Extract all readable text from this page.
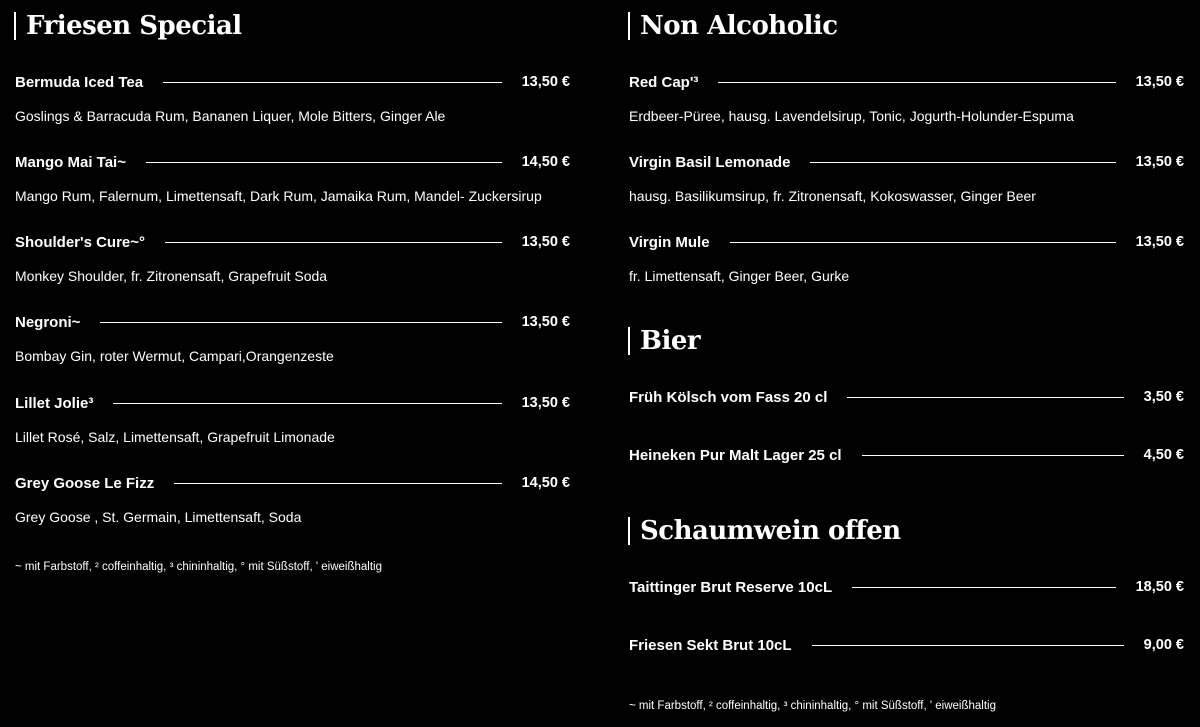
Friesen Special
Bermuda Iced Tea	13,50 €
Goslings & Barracuda Rum, Bananen Liquer, Mole Bitters, Ginger Ale
Mango Mai Tai~	14,50 €
Mango Rum, Falernum, Limettensaft, Dark Rum, Jamaika Rum, Mandel- Zuckersirup
Shoulder's Cure~°	13,50 €
Monkey Shoulder, fr. Zitronensaft, Grapefruit Soda
Negroni~	13,50 €
Bombay Gin, roter Wermut, Campari,Orangenzeste
Lillet Jolie³	13,50 €
Lillet Rosé, Salz, Limettensaft, Grapefruit Limonade
Grey Goose Le Fizz	14,50 €
Grey Goose , St. Germain, Limettensaft, Soda
~ mit Farbstoff, ² coffeinhaltig, ³ chininhaltig, ° mit Süßstoff, ' eiweißhaltig
Non Alcoholic
Red Cap'³	13,50 €
Erdbeer-Püree, hausg. Lavendelsirup, Tonic, Jogurth-Holunder-Espuma
Virgin Basil Lemonade	13,50 €
hausg. Basilikumsirup, fr. Zitronensaft, Kokoswasser, Ginger Beer
Virgin Mule	13,50 €
fr. Limettensaft, Ginger Beer, Gurke
Bier
Früh Kölsch vom Fass 20 cl	3,50 €
Heineken Pur Malt Lager 25 cl	4,50 €
Schaumwein offen
Taittinger Brut Reserve 10cL	18,50 €
Friesen Sekt Brut 10cL	9,00 €
~ mit Farbstoff, ² coffeinhaltig, ³ chininhaltig, ° mit Süßstoff, ' eiweißhaltig
